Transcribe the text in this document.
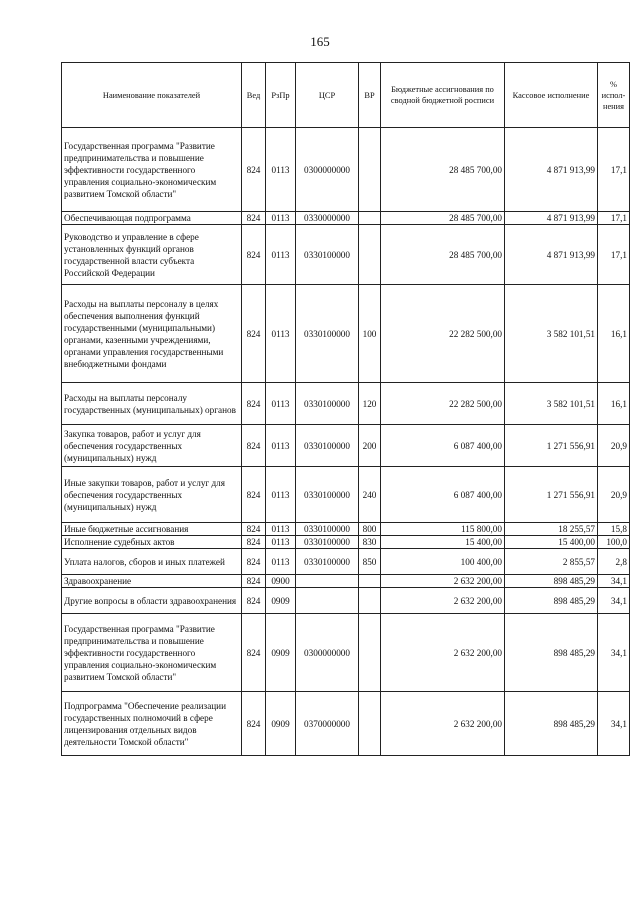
165
Наименование показателей	Вед	РзПр	ЦСР	ВР	Бюджетные ассигнования по сводной бюджетной росписи	Кассовое исполнение	% испол-нения
Государственная программа "Развитие предпринимательства и повышение эффективности государственного управления социально-экономическим развитием Томской области"	824	0113	0300000000		28 485 700,00	4 871 913,99	17,1
Обеспечивающая подпрограмма	824	0113	0330000000		28 485 700,00	4 871 913,99	17,1
Руководство и управление в сфере установленных функций органов государственной власти субъекта Российской Федерации	824	0113	0330100000		28 485 700,00	4 871 913,99	17,1
Расходы на выплаты персоналу в целях обеспечения выполнения функций государственными (муниципальными) органами, казенными учреждениями, органами управления государственными внебюджетными фондами	824	0113	0330100000	100	22 282 500,00	3 582 101,51	16,1
Расходы на выплаты персоналу государственных (муниципальных) органов	824	0113	0330100000	120	22 282 500,00	3 582 101,51	16,1
Закупка товаров, работ и услуг для обеспечения государственных (муниципальных) нужд	824	0113	0330100000	200	6 087 400,00	1 271 556,91	20,9
Иные закупки товаров, работ и услуг для обеспечения государственных (муниципальных) нужд	824	0113	0330100000	240	6 087 400,00	1 271 556,91	20,9
Иные бюджетные ассигнования	824	0113	0330100000	800	115 800,00	18 255,57	15,8
Исполнение судебных актов	824	0113	0330100000	830	15 400,00	15 400,00	100,0
Уплата налогов, сборов и иных платежей	824	0113	0330100000	850	100 400,00	2 855,57	2,8
Здравоохранение	824	0900			2 632 200,00	898 485,29	34,1
Другие вопросы в области здравоохранения	824	0909			2 632 200,00	898 485,29	34,1
Государственная программа "Развитие предпринимательства и повышение эффективности государственного управления социально-экономическим развитием Томской области"	824	0909	0300000000		2 632 200,00	898 485,29	34,1
Подпрограмма "Обеспечение реализации государственных полномочий в сфере лицензирования отдельных видов деятельности Томской области"	824	0909	0370000000		2 632 200,00	898 485,29	34,1
